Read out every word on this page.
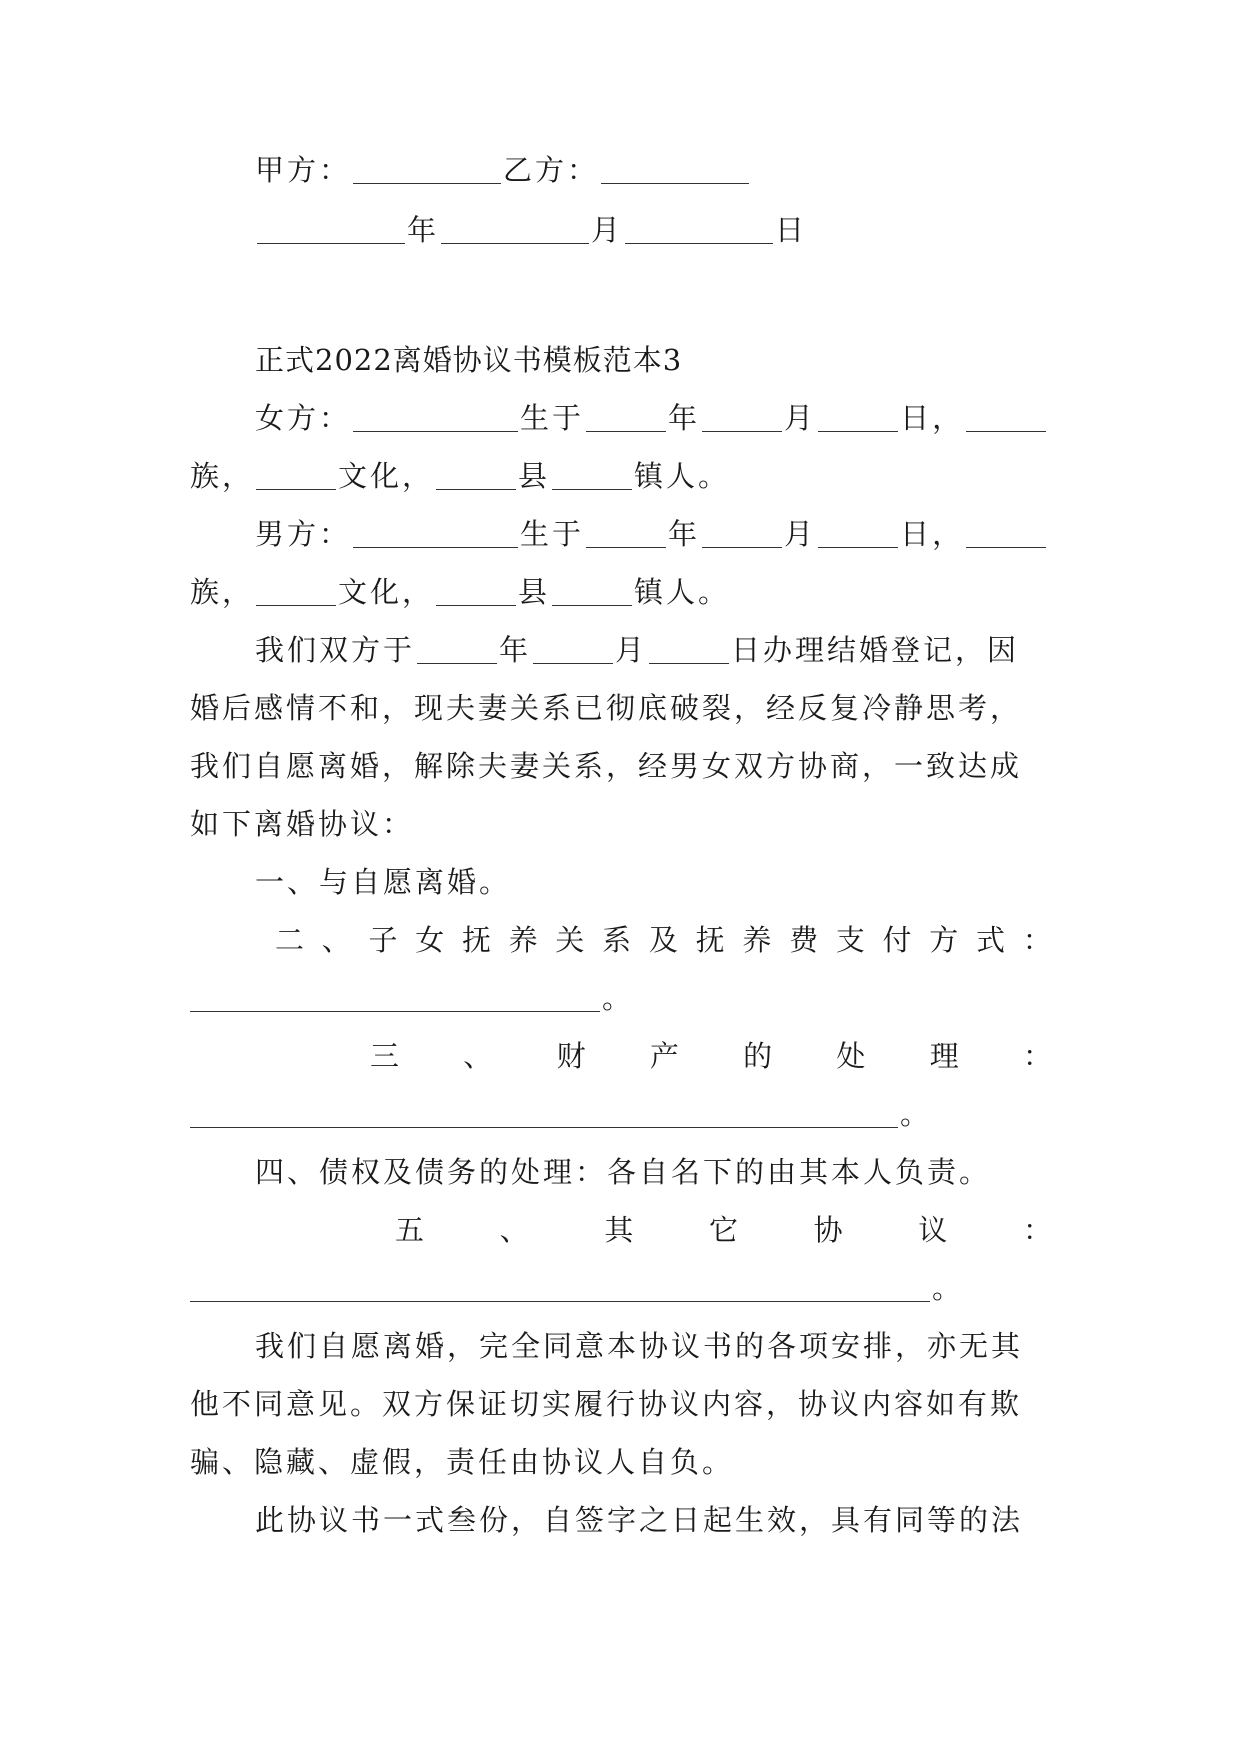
甲方：	乙方：
年	月	日
正式2022离婚协议书模板范本3
女方：	生于	年	月	日，
族，	文化，	县	镇人。
男方：	生于	年	月	日，
族，	文化，	县	镇人。
我们双方于	年	月	日办理结婚登记，因
婚后感情不和，现夫妻关系已彻底破裂，经反复冷静思考，
我们自愿离婚，解除夫妻关系，经男女双方协商，一致达成
如下离婚协议：
一、与自愿离婚。
二 、 子 女 抚 养 关 系 及 抚 养 费 支 付 方 式 ：
。
三 、 财 产 的 处 理 ：
。
四、债权及债务的处理：各自名下的由其本人负责。
五	、	其	它	协	议	：
。
我们自愿离婚，完全同意本协议书的各项安排，亦无其
他不同意见。双方保证切实履行协议内容，协议内容如有欺
骗、隐藏、虚假，责任由协议人自负。
此协议书一式叁份，自签字之日起生效，具有同等的法
